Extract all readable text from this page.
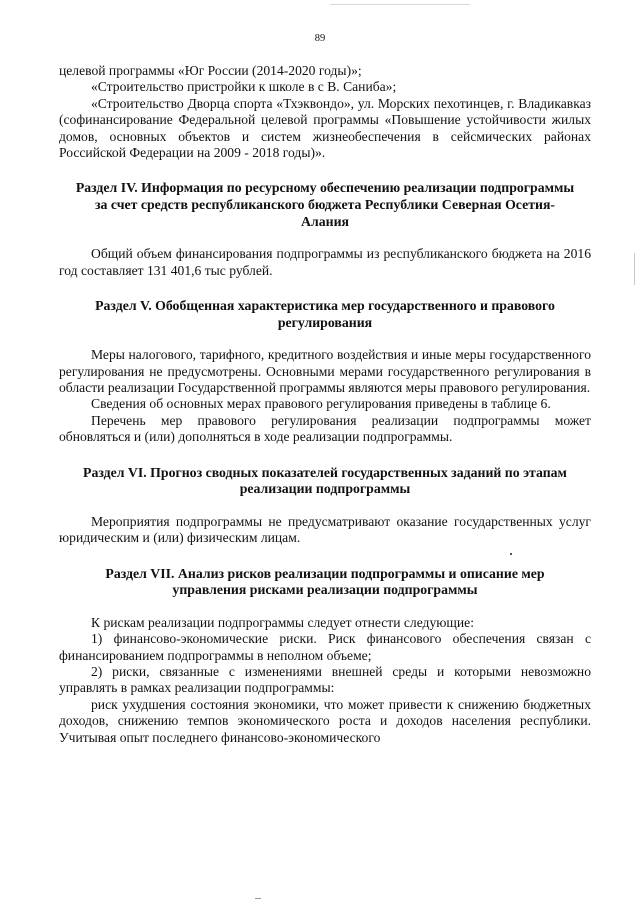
89

целевой программы «Юг России (2014-2020 годы)»;

«Строительство пристройки к школе в с В. Саниба»;

«Строительство Дворца спорта «Тхэквондо», ул. Морских пехотинцев, г. Владикавказ (софинансирование Федеральной целевой программы «Повышение устойчивости жилых домов, основных объектов и систем жизнеобеспечения в сейсмических районах Российской Федерации на 2009 - 2018 годы)».

Раздел IV. Информация по ресурсному обеспечению реализации подпрограммы за счет средств республиканского бюджета Республики Северная Осетия-Алания

Общий объем финансирования подпрограммы из республиканского бюджета на 2016 год составляет 131 401,6 тыс рублей.

Раздел V. Обобщенная характеристика мер государственного и правового регулирования

Меры налогового, тарифного, кредитного воздействия и иные меры государственного регулирования не предусмотрены. Основными мерами государственного регулирования в области реализации Государственной программы являются меры правового регулирования.

Сведения об основных мерах правового регулирования приведены в таблице 6.

Перечень мер правового регулирования реализации подпрограммы может обновляться и (или) дополняться в ходе реализации подпрограммы.

Раздел VI. Прогноз сводных показателей государственных заданий по этапам реализации подпрограммы

Мероприятия подпрограммы не предусматривают оказание государственных услуг юридическим и (или) физическим лицам.

Раздел VII. Анализ рисков реализации подпрограммы и описание мер управления рисками реализации подпрограммы

К рискам реализации подпрограммы следует отнести следующие:

1) финансово-экономические риски. Риск финансового обеспечения связан с финансированием подпрограммы в неполном объеме;

2) риски, связанные с изменениями внешней среды и которыми невозможно управлять в рамках реализации подпрограммы:

риск ухудшения состояния экономики, что может привести к снижению бюджетных доходов, снижению темпов экономического роста и доходов населения республики. Учитывая опыт последнего финансово-экономического
